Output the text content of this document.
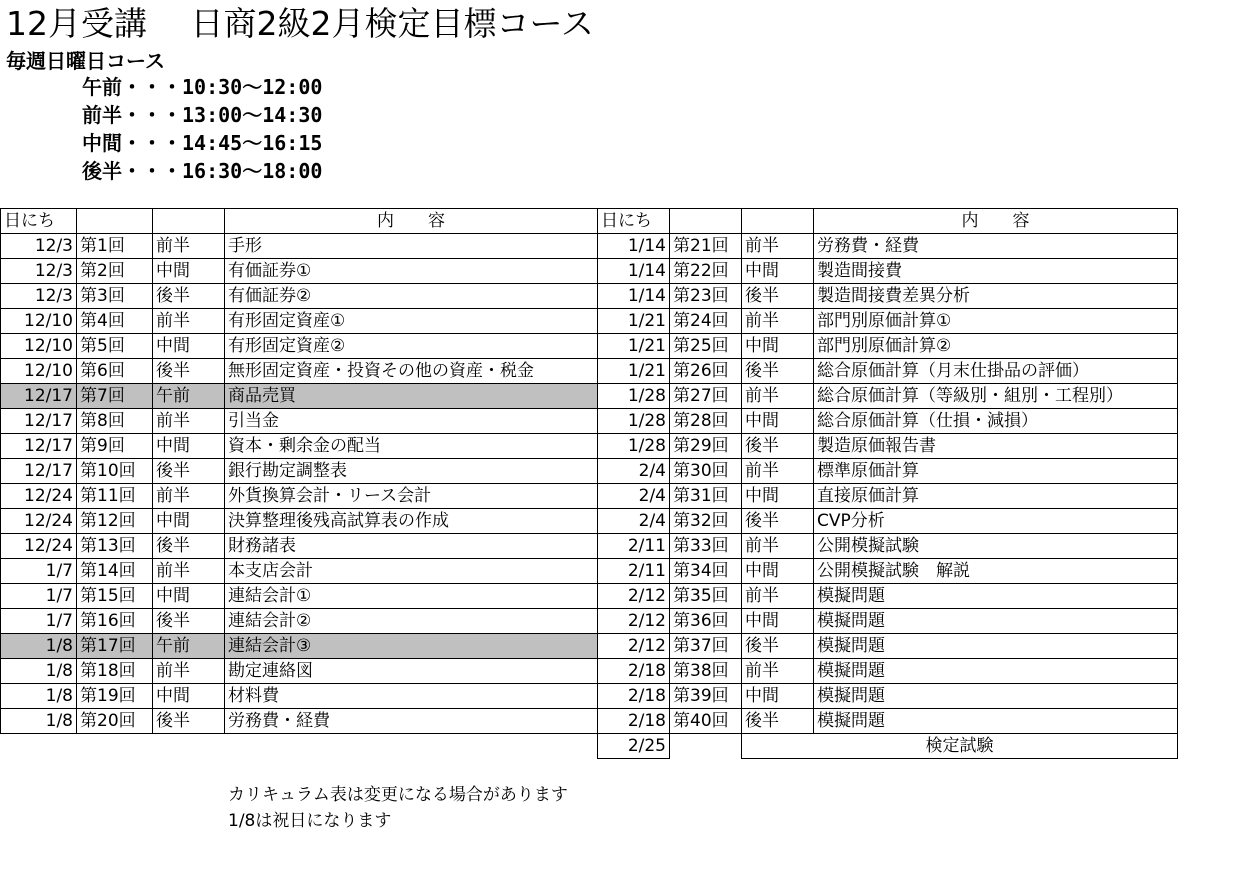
12月受講　 日商2級2月検定目標コース
毎週日曜日コース
午前・・・10:30～12:00
前半・・・13:00～14:30
中間・・・14:45～16:15
後半・・・16:30～18:00
日にち			内　　容
12/3	第1回	前半	手形
12/3	第2回	中間	有価証券①
12/3	第3回	後半	有価証券②
12/10	第4回	前半	有形固定資産①
12/10	第5回	中間	有形固定資産②
12/10	第6回	後半	無形固定資産・投資その他の資産・税金
12/17	第7回	午前	商品売買
12/17	第8回	前半	引当金
12/17	第9回	中間	資本・剰余金の配当
12/17	第10回	後半	銀行勘定調整表
12/24	第11回	前半	外貨換算会計・リース会計
12/24	第12回	中間	決算整理後残高試算表の作成
12/24	第13回	後半	財務諸表
1/7	第14回	前半	本支店会計
1/7	第15回	中間	連結会計①
1/7	第16回	後半	連結会計②
1/8	第17回	午前	連結会計③
1/8	第18回	前半	勘定連絡図
1/8	第19回	中間	材料費
1/8	第20回	後半	労務費・経費
日にち			内　　容
1/14	第21回	前半	労務費・経費
1/14	第22回	中間	製造間接費
1/14	第23回	後半	製造間接費差異分析
1/21	第24回	前半	部門別原価計算①
1/21	第25回	中間	部門別原価計算②
1/21	第26回	後半	総合原価計算（月末仕掛品の評価）
1/28	第27回	前半	総合原価計算（等級別・組別・工程別）
1/28	第28回	中間	総合原価計算（仕損・減損）
1/28	第29回	後半	製造原価報告書
2/4	第30回	前半	標準原価計算
2/4	第31回	中間	直接原価計算
2/4	第32回	後半	CVP分析
2/11	第33回	前半	公開模擬試験
2/11	第34回	中間	公開模擬試験　解説
2/12	第35回	前半	模擬問題
2/12	第36回	中間	模擬問題
2/12	第37回	後半	模擬問題
2/18	第38回	前半	模擬問題
2/18	第39回	中間	模擬問題
2/18	第40回	後半	模擬問題
2/25		検定試験	
カリキュラム表は変更になる場合があります
1/8は祝日になります
